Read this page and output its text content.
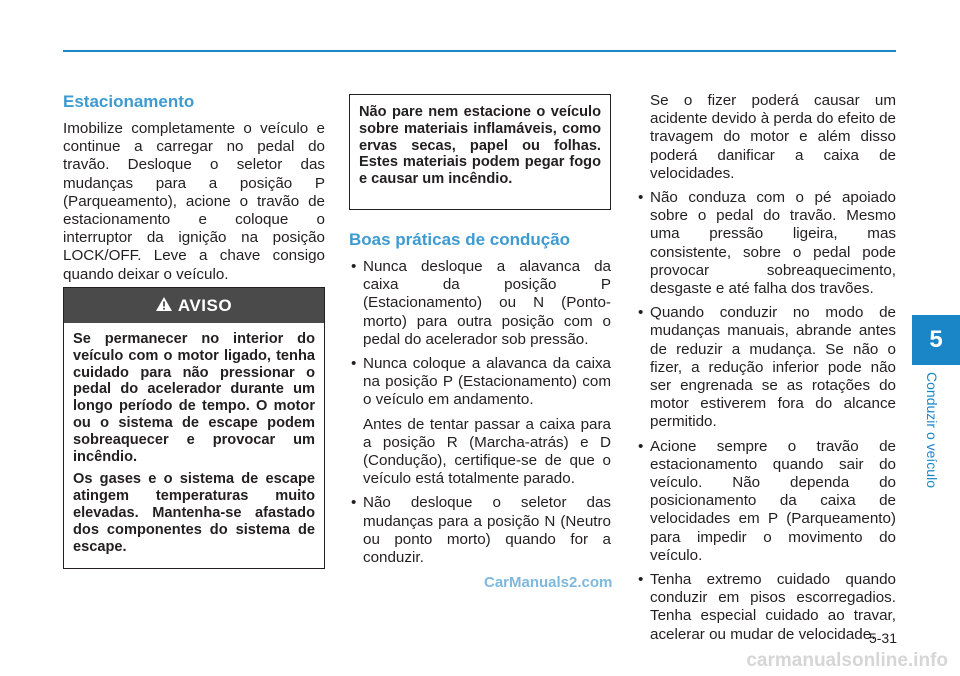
Estacionamento

Imobilize completamente o veículo e continue a carregar no pedal do travão. Desloque o seletor das mudanças para a posição P (Parqueamento), acione o travão de estacionamento e coloque o interruptor da ignição na posição LOCK/OFF. Leve a chave consigo quando deixar o veículo.

AVISO

Se permanecer no interior do veículo com o motor ligado, tenha cuidado para não pressionar o pedal do acelerador durante um longo período de tempo. O motor ou o sistema de escape podem sobreaquecer e provocar um incêndio.

Os gases e o sistema de escape atingem temperaturas muito elevadas. Mantenha-se afastado dos componentes do sistema de escape.

Não pare nem estacione o veículo sobre materiais inflamáveis, como ervas secas, papel ou folhas. Estes materiais podem pegar fogo e causar um incêndio.

Boas práticas de condução

• Nunca desloque a alavanca da caixa da posição P (Estacionamento) ou N (Ponto-morto) para outra posição com o pedal do acelerador sob pressão.

• Nunca coloque a alavanca da caixa na posição P (Estacionamento) com o veículo em andamento.

Antes de tentar passar a caixa para a posição R (Marcha-atrás) e D (Condução), certifique-se de que o veículo está totalmente parado.

• Não desloque o seletor das mudanças para a posição N (Neutro ou ponto morto) quando for a conduzir.

Se o fizer poderá causar um acidente devido à perda do efeito de travagem do motor e além disso poderá danificar a caixa de velocidades.

• Não conduza com o pé apoiado sobre o pedal do travão. Mesmo uma pressão ligeira, mas consistente, sobre o pedal pode provocar sobreaquecimento, desgaste e até falha dos travões.

• Quando conduzir no modo de mudanças manuais, abrande antes de reduzir a mudança. Se não o fizer, a redução inferior pode não ser engrenada se as rotações do motor estiverem fora do alcance permitido.

• Acione sempre o travão de estacionamento quando sair do veículo. Não dependa do posicionamento da caixa de velocidades em P (Parqueamento) para impedir o movimento do veículo.

• Tenha extremo cuidado quando conduzir em pisos escorregadios. Tenha especial cuidado ao travar, acelerar ou mudar de velocidade.

5
Conduzir o veículo
5-31
CarManuals2.com
carmanualsonline.info
